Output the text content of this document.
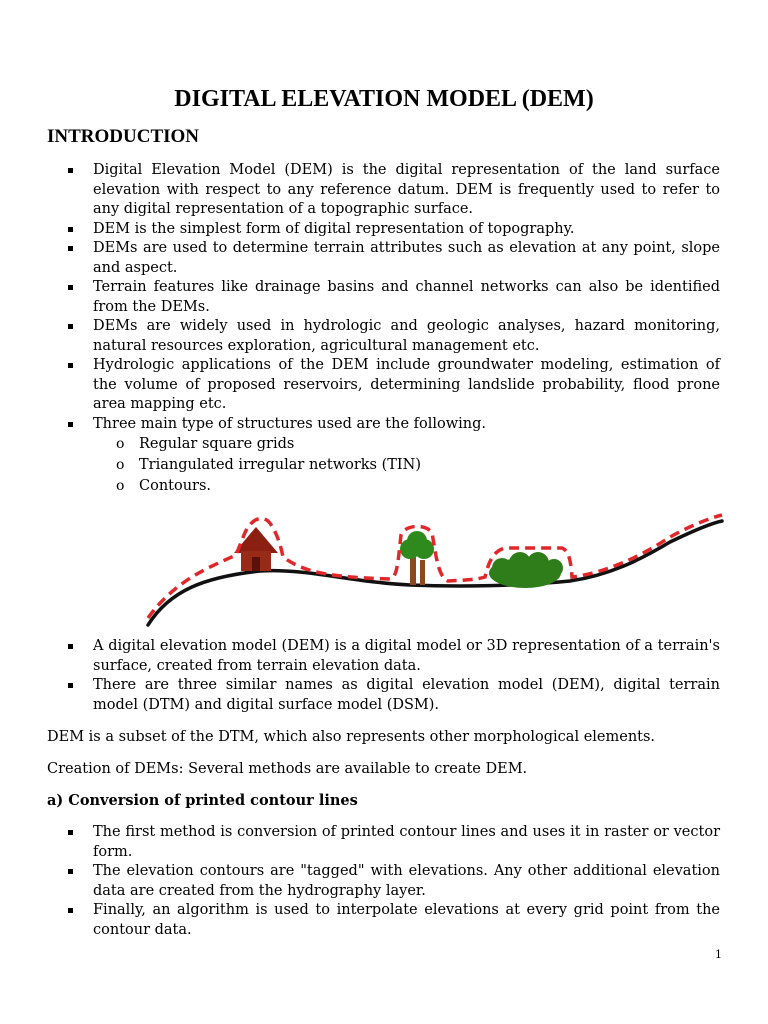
DIGITAL ELEVATION MODEL (DEM)
INTRODUCTION
Digital Elevation Model (DEM) is the digital representation of the land surface elevation with respect to any reference datum. DEM is frequently used to refer to any digital representation of a topographic surface.
DEM is the simplest form of digital representation of topography.
DEMs are used to determine terrain attributes such as elevation at any point, slope and aspect.
Terrain features like drainage basins and channel networks can also be identified from the DEMs.
DEMs are widely used in hydrologic and geologic analyses, hazard monitoring, natural resources exploration, agricultural management etc.
Hydrologic applications of the DEM include groundwater modeling, estimation of the volume of proposed reservoirs, determining landslide probability, flood prone area mapping etc.
Three main type of structures used are the following.
o Regular square grids
o Triangulated irregular networks (TIN)
o Contours.
A digital elevation model (DEM) is a digital model or 3D representation of a terrain's surface, created from terrain elevation data.
There are three similar names as digital elevation model (DEM), digital terrain model (DTM) and digital surface model (DSM).

DEM is a subset of the DTM, which also represents other morphological elements.

Creation of DEMs: Several methods are available to create DEM.

a) Conversion of printed contour lines

The first method is conversion of printed contour lines and uses it in raster or vector form.
The elevation contours are "tagged" with elevations. Any other additional elevation data are created from the hydrography layer.
Finally, an algorithm is used to interpolate elevations at every grid point from the contour data.
1
